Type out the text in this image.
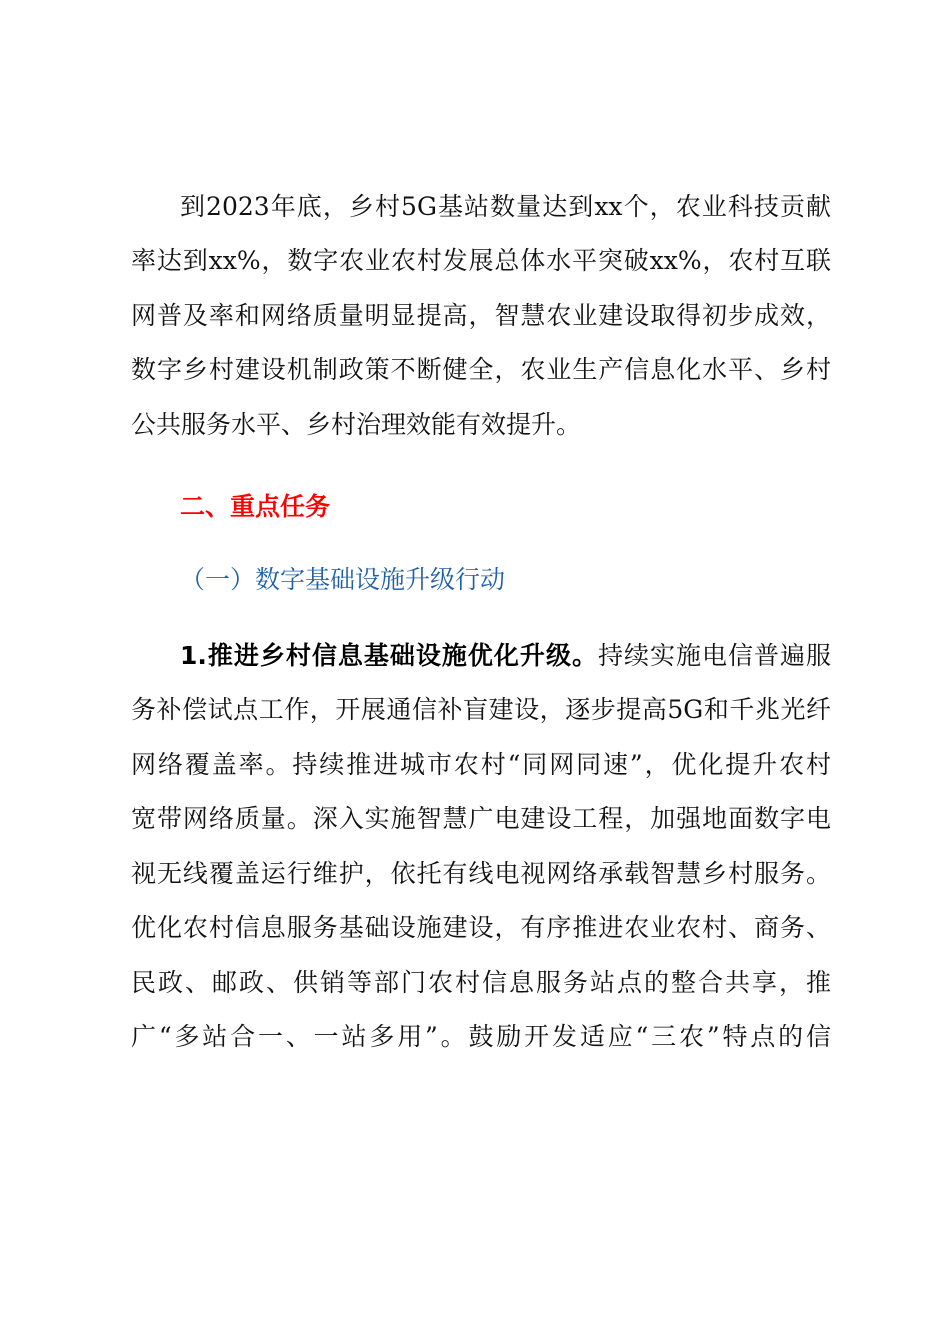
到2023年底，乡村5G基站数量达到xx个，农业科技贡献
率达到xx%，数字农业农村发展总体水平突破xx%，农村互联
网普及率和网络质量明显提高，智慧农业建设取得初步成效，
数字乡村建设机制政策不断健全，农业生产信息化水平、乡村
公共服务水平、乡村治理效能有效提升。
二、重点任务
（一）数字基础设施升级行动
1.推进乡村信息基础设施优化升级。持续实施电信普遍服
务补偿试点工作，开展通信补盲建设，逐步提高5G和千兆光纤
网络覆盖率。持续推进城市农村“同网同速”，优化提升农村
宽带网络质量。深入实施智慧广电建设工程，加强地面数字电
视无线覆盖运行维护，依托有线电视网络承载智慧乡村服务。
优化农村信息服务基础设施建设，有序推进农业农村、商务、
民政、邮政、供销等部门农村信息服务站点的整合共享，推
广“多站合一、一站多用”。鼓励开发适应“三农”特点的信
